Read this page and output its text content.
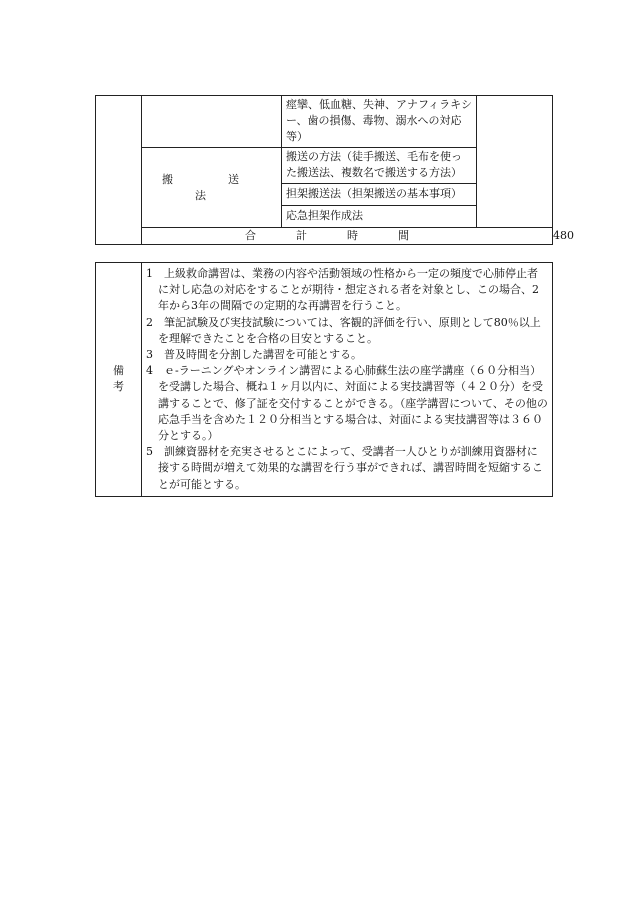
		痙攣、低血糖、失神、アナフィラキシー、歯の損傷、毒物、溺水への対応等）		

	搬　送　法	搬送の方法（徒手搬送、毛布を使った搬送法、複数名で搬送する方法）		

		担架搬送法（担架搬送の基本事項）		

		応急担架作成法		

	合計時間			480
備考

1　上級救命講習は、業務の内容や活動領域の性格から一定の頻度で心肺停止者に対し応急の対応をすることが期待・想定される者を対象とし、この場合、2年から3年の間隔での定期的な再講習を行うこと。
2　筆記試験及び実技試験については、客観的評価を行い、原則として80％以上を理解できたことを合格の目安とすること。
3　普及時間を分割した講習を可能とする。
4　ｅ-ラーニングやオンライン講習による心肺蘇生法の座学講座（６０分相当）を受講した場合、概ね１ヶ月以内に、対面による実技講習等（４２０分）を受講することで、修了証を交付することができる。（座学講習について、その他の応急手当を含めた１２０分相当とする場合は、対面による実技講習等は３６０分とする。）
5　訓練資器材を充実させるとこによって、受講者一人ひとりが訓練用資器材に接する時間が増えて効果的な講習を行う事ができれば、講習時間を短縮することが可能とする。
